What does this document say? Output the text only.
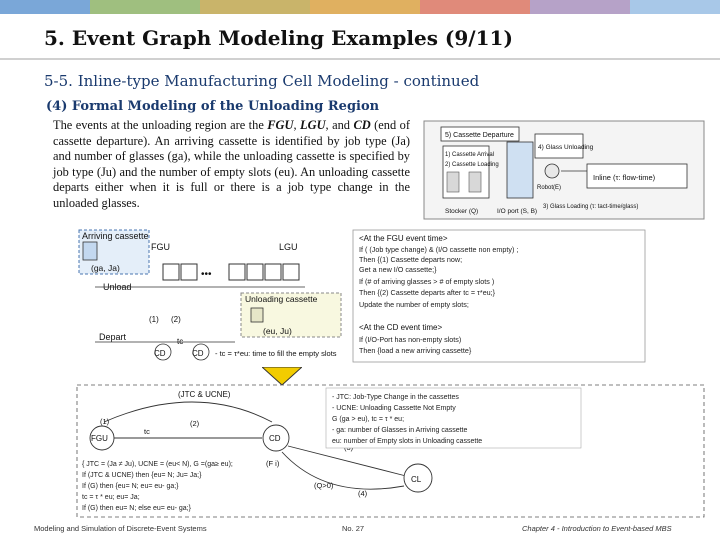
5. Event Graph Modeling Examples (9/11)
5-5. Inline-type Manufacturing Cell Modeling - continued
(4) Formal Modeling of the Unloading Region
The events at the unloading region are the FGU, LGU, and CD (end of cassette departure). An arriving cassette is identified by job type (Ja) and number of glasses (ga), while the unloading cassette is specified by job type (Ju) and the number of empty slots (eu). An unloading cassette departs either when it is full or there is a job type change in the unloaded glasses.
5) Cassette Departure
1) Cassette Arrival
2) Cassette Loading
4) Glass Unloading
Robot(E)
Inline (τ: flow-time)
Stocker (Q)	I/O port (S, B)
3) Glass Loading (τ: tact-time/glass)
Arriving cassette
(ga, Ja)
FGU	LGU
Unload
•••
Unloading cassette
(eu, Ju)
(1) (2)
Depart
CD	CD
tc
- tc = τ*eu: time to fill the empty slots
<At the FGU event time>
If ( (Job type change) & (I/O cassette non empty) ;
Then {(1) Cassette departs now;
Get a new I/O cassette;}
If (# of arriving glasses > # of empty slots )
Then {(2) Cassette departs after tc = τ*eu;}
Update the number of empty slots;
<At the CD event time>
If (I/O-Port has non-empty slots)
Then {load a new arriving cassette}
(JTC & UCNE)
(1)	(2)
tc
FGU	CD
(F i)
CL
(Q>0)
(4)
- JTC: Job-Type Change in the cassettes
- UCNE: Unloading Cassette Not Empty
G (ga > eu), tc = τ * eu;
- ga: number of Glasses in Arriving cassette
eu: number of Empty slots in Unloading cassette
{ JTC = (Ja ≠ Ju), UCNE = (eu< N), G =(ga≥ eu);
If (JTC & UCNE) then {eu= N; Ju= Ja;}
If (G) then {eu= N; eu= eu- ga;}
tc = τ * eu; eu= Ja;
If (G) then eu= N; else eu= eu- ga;}
Modeling and Simulation of Discrete-Event Systems	No. 27	Chapter 4 - Introduction to Event-based MBS
